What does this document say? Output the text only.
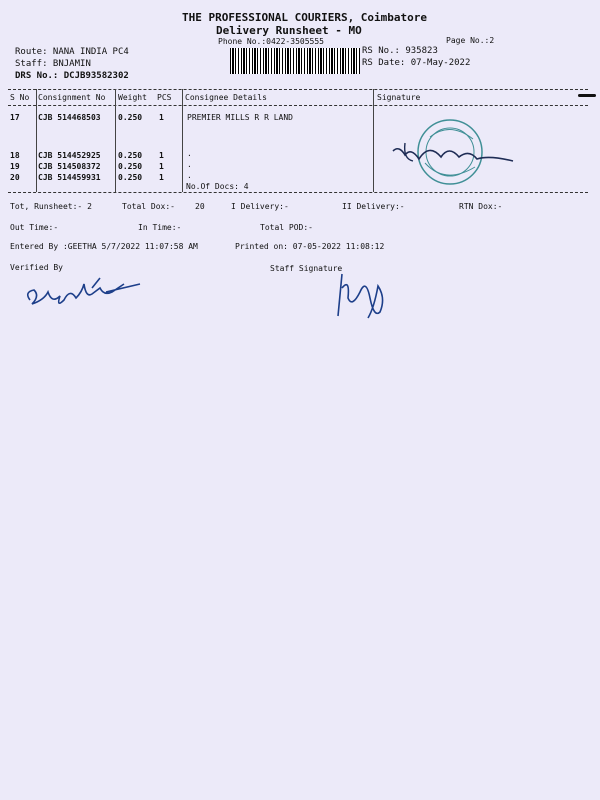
THE PROFESSIONAL COURIERS, Coimbatore
Delivery Runsheet - MO
Phone No.:0422-3505555	Page No.:2
Route: NANA INDIA PC4
Staff: BNJAMIN
DRS No.: DCJB93582302
RS No.: 935823
RS Date: 07-May-2022
S No Consignment No Weight PCS Consignee Details	Signature
17 CJB 514468503 0.250 1	PREMIER MILLS R R LAND
18 CJB 514452925 0.250 1	.
19 CJB 514508372 0.250 1	.
20 CJB 514459931 0.250 1	.
No.Of Docs: 4
Tot, Runsheet:- 2	Total Dox:-	20	I Delivery:-	II Delivery:-	RTN Dox:-
Out Time:-	In Time:-	Total POD:-
Entered By :GEETHA 5/7/2022 11:07:58 AM	Printed on: 07-05-2022 11:08:12
Verified By	Staff Signature
